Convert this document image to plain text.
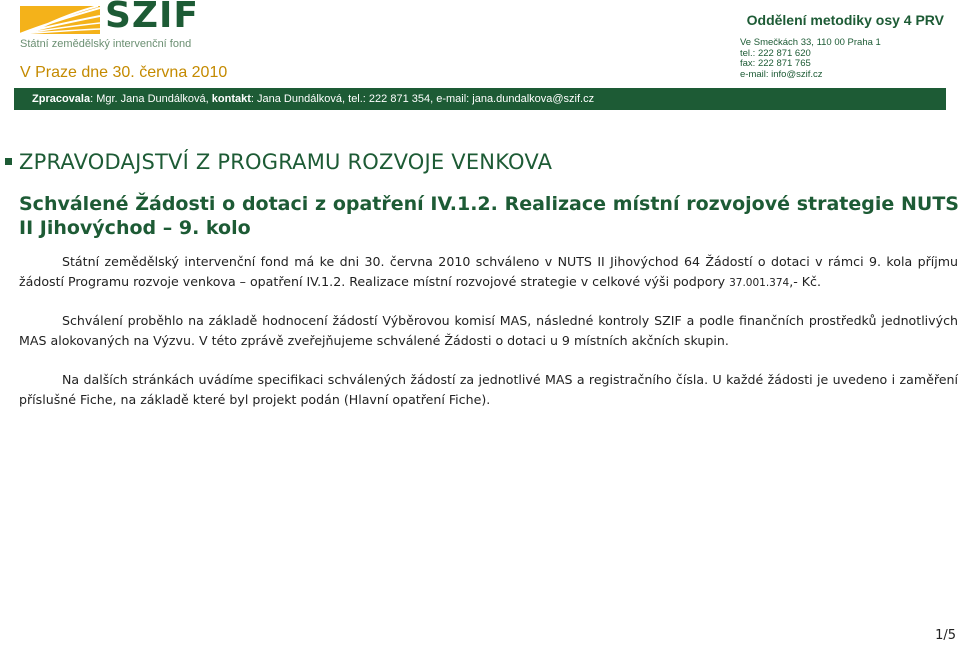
SZIF
Státní zemědělský intervenční fond
V Praze dne 30. června 2010
Oddělení metodiky osy 4 PRV
Ve Smečkách 33, 110 00 Praha 1
tel.: 222 871 620
fax: 222 871 765
e-mail: info@szif.cz
Zpracovala: Mgr. Jana Dundálková, kontakt: Jana Dundálková, tel.: 222 871 354, e-mail: jana.dundalkova@szif.cz
ZPRAVODAJSTVÍ Z PROGRAMU ROZVOJE VENKOVA
Schválené Žádosti o dotaci z opatření IV.1.2. Realizace místní rozvojové strategie NUTS II Jihovýchod – 9. kolo
Státní zemědělský intervenční fond má ke dni 30. června 2010 schváleno v NUTS II Jihovýchod 64 Žádostí o dotaci v rámci 9. kola příjmu žádostí Programu rozvoje venkova – opatření IV.1.2. Realizace místní rozvojové strategie v celkové výši podpory 37.001.374,- Kč.
Schválení proběhlo na základě hodnocení žádostí Výběrovou komisí MAS, následné kontroly SZIF a podle finančních prostředků jednotlivých MAS alokovaných na Výzvu. V této zprávě zveřejňujeme schválené Žádosti o dotaci u 9 místních akčních skupin.
Na dalších stránkách uvádíme specifikaci schválených žádostí za jednotlivé MAS a registračního čísla. U každé žádosti je uvedeno i zaměření příslušné Fiche, na základě které byl projekt podán (Hlavní opatření Fiche).
1/5
